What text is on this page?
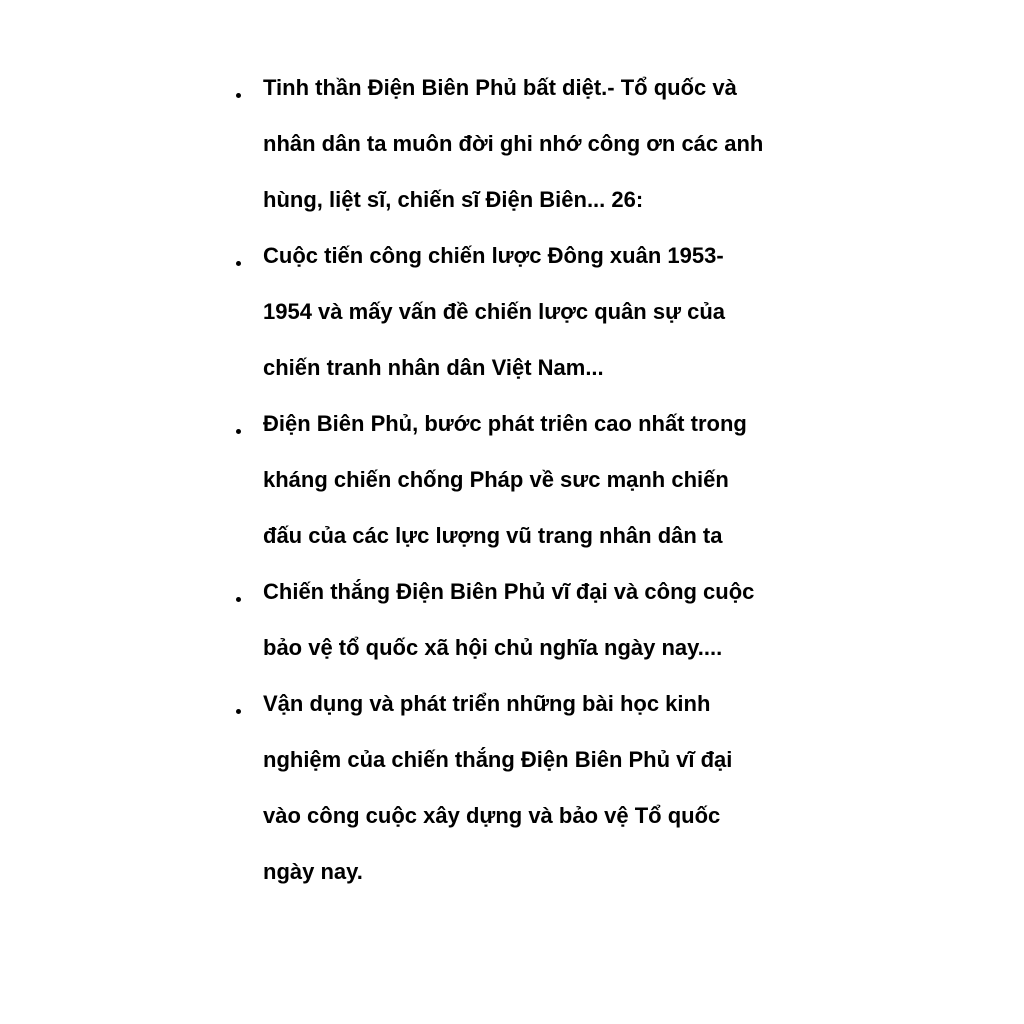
Tinh thần Điện Biên Phủ bất diệt.- Tổ quốc và
nhân dân ta muôn đời ghi nhớ công ơn các anh
hùng, liệt sĩ, chiến sĩ Điện Biên... 26:
Cuộc tiến công chiến lược Đông xuân 1953-
1954 và mấy vấn đề chiến lược quân sự của
chiến tranh nhân dân Việt Nam...
Điện Biên Phủ, bước phát triên cao nhất trong
kháng chiến chống Pháp về sưc mạnh chiến
đấu của các lực lượng vũ trang nhân dân ta
Chiến thắng Điện Biên Phủ vĩ đại và công cuộc
bảo vệ tổ quốc xã hội chủ nghĩa ngày nay....
Vận dụng và phát triển những bài học kinh
nghiệm của chiến thắng Điện Biên Phủ vĩ đại
vào công cuộc xây dựng và bảo vệ Tổ quốc
ngày nay.
